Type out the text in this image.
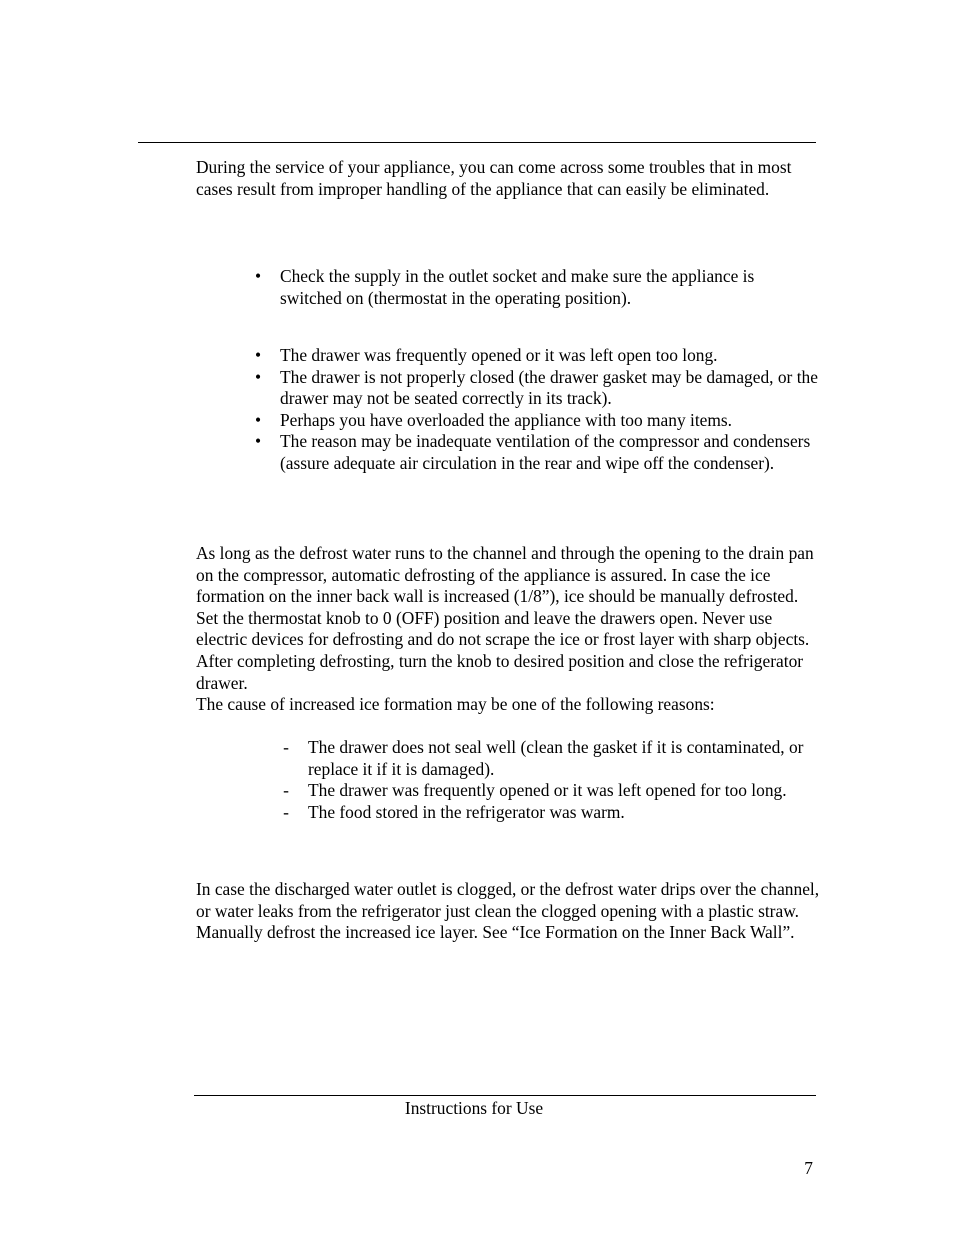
During the service of your appliance, you can come across some troubles that in most cases result from improper handling of the appliance that can easily be eliminated.

• Check the supply in the outlet socket and make sure the appliance is switched on (thermostat in the operating position).
• The drawer was frequently opened or it was left open too long.
• The drawer is not properly closed (the drawer gasket may be damaged, or the drawer may not be seated correctly in its track).
• Perhaps you have overloaded the appliance with too many items.
• The reason may be inadequate ventilation of the compressor and condensers (assure adequate air circulation in the rear and wipe off the condenser).
As long as the defrost water runs to the channel and through the opening to the drain pan on the compressor, automatic defrosting of the appliance is assured. In case the ice formation on the inner back wall is increased (1/8”), ice should be manually defrosted.
Set the thermostat knob to 0 (OFF) position and leave the drawers open. Never use electric devices for defrosting and do not scrape the ice or frost layer with sharp objects. After completing defrosting, turn the knob to desired position and close the refrigerator drawer.
The cause of increased ice formation may be one of the following reasons:
- The drawer does not seal well (clean the gasket if it is contaminated, or replace it if it is damaged).
- The drawer was frequently opened or it was left opened for too long.
- The food stored in the refrigerator was warm.

In case the discharged water outlet is clogged, or the defrost water drips over the channel, or water leaks from the refrigerator just clean the clogged opening with a plastic straw. Manually defrost the increased ice layer. See “Ice Formation on the Inner Back Wall”.

Instructions for Use
7
